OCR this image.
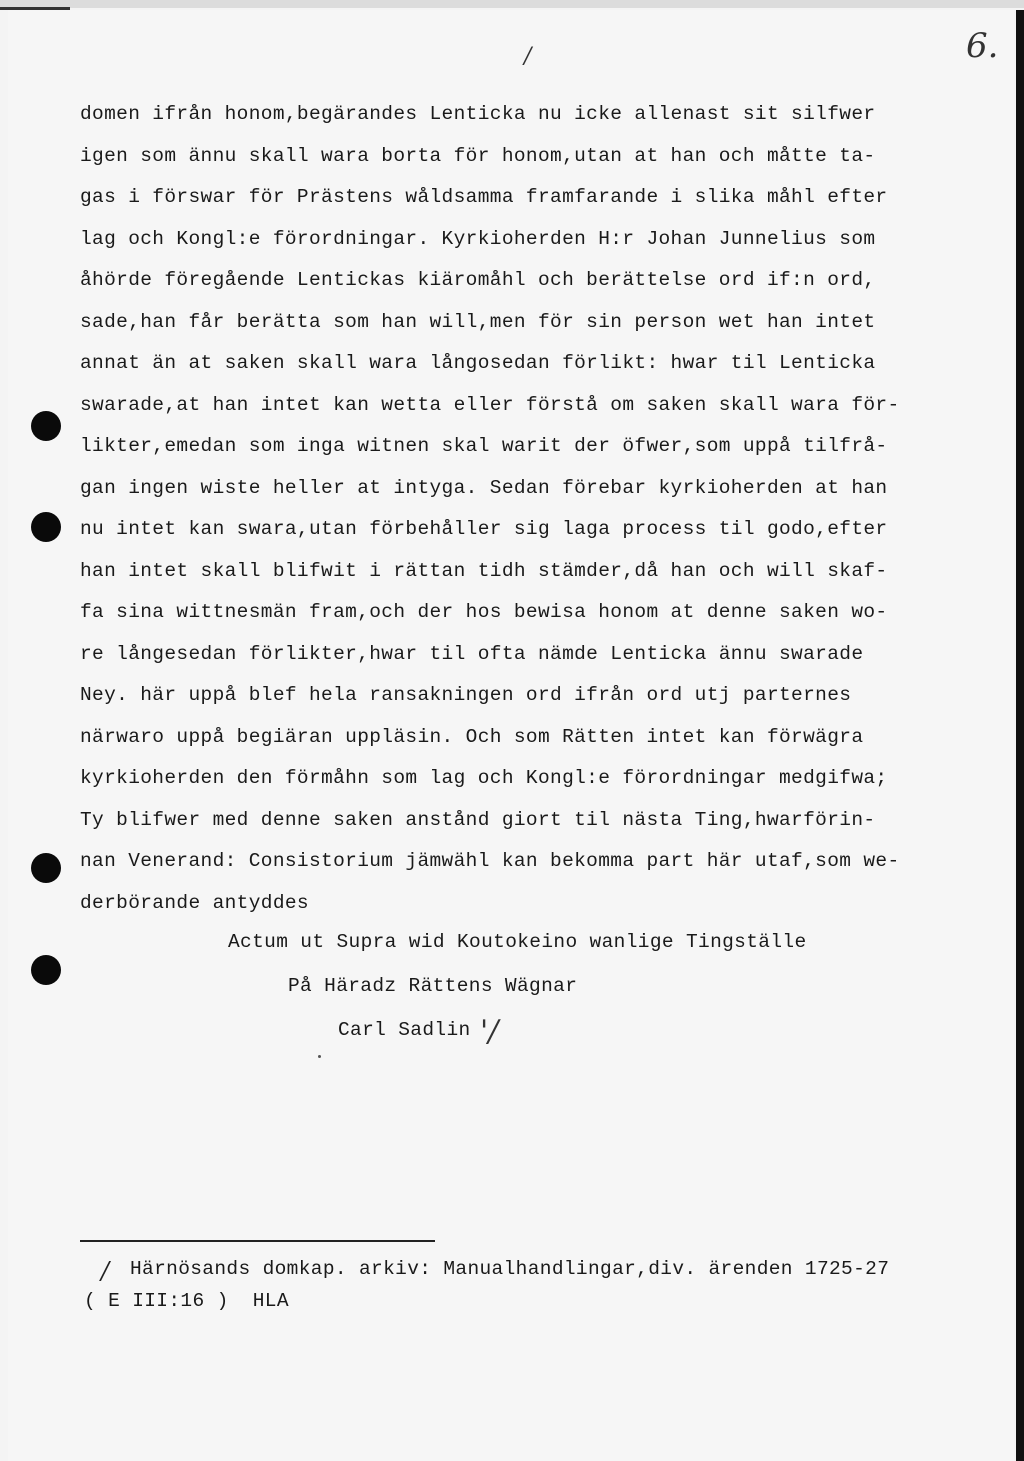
/	6.
domen ifrån honom,begärandes Lenticka nu icke allenast sit silfwer
igen som ännu skall wara borta för honom,utan at han och måtte ta-
gas i förswar för Prästens wåldsamma framfarande i slika måhl efter
lag och Kongl:e förordningar. Kyrkioherden H:r Johan Junnelius som
åhörde föregående Lentickas kiäromåhl och berättelse ord if:n ord,
sade,han får berätta som han will,men för sin person wet han intet
annat än at saken skall wara långosedan förlikt: hwar til Lenticka
swarade,at han intet kan wetta eller förstå om saken skall wara för-
likter,emedan som inga witnen skal warit der öfwer,som uppå tilfrå-
gan ingen wiste heller at intyga. Sedan förebar kyrkioherden at han
nu intet kan swara,utan förbehåller sig laga process til godo,efter
han intet skall blifwit i rättan tidh stämder,då han och will skaf-
fa sina wittnesmän fram,och der hos bewisa honom at denne saken wo-
re långesedan förlikter,hwar til ofta nämde Lenticka ännu swarade
Ney. här uppå blef hela ransakningen ord ifrån ord utj parternes
närwaro uppå begiäran uppläsin. Och som Rätten intet kan förwägra
kyrkioherden den förmåhn som lag och Kongl:e förordningar medgifwa;
Ty blifwer med denne saken anstånd giort til nästa Ting,hwarförin-
nan Venerand: Consistorium jämwähl kan bekomma part här utaf,som we-
derbörande antyddes
Actum ut Supra wid Koutokeino wanlige Tingställe
På Häradz Rättens Wägnar
Carl Sadlin '/
/ Härnösands domkap. arkiv: Manualhandlingar,div. ärenden 1725-27
( E III:16 )  HLA
